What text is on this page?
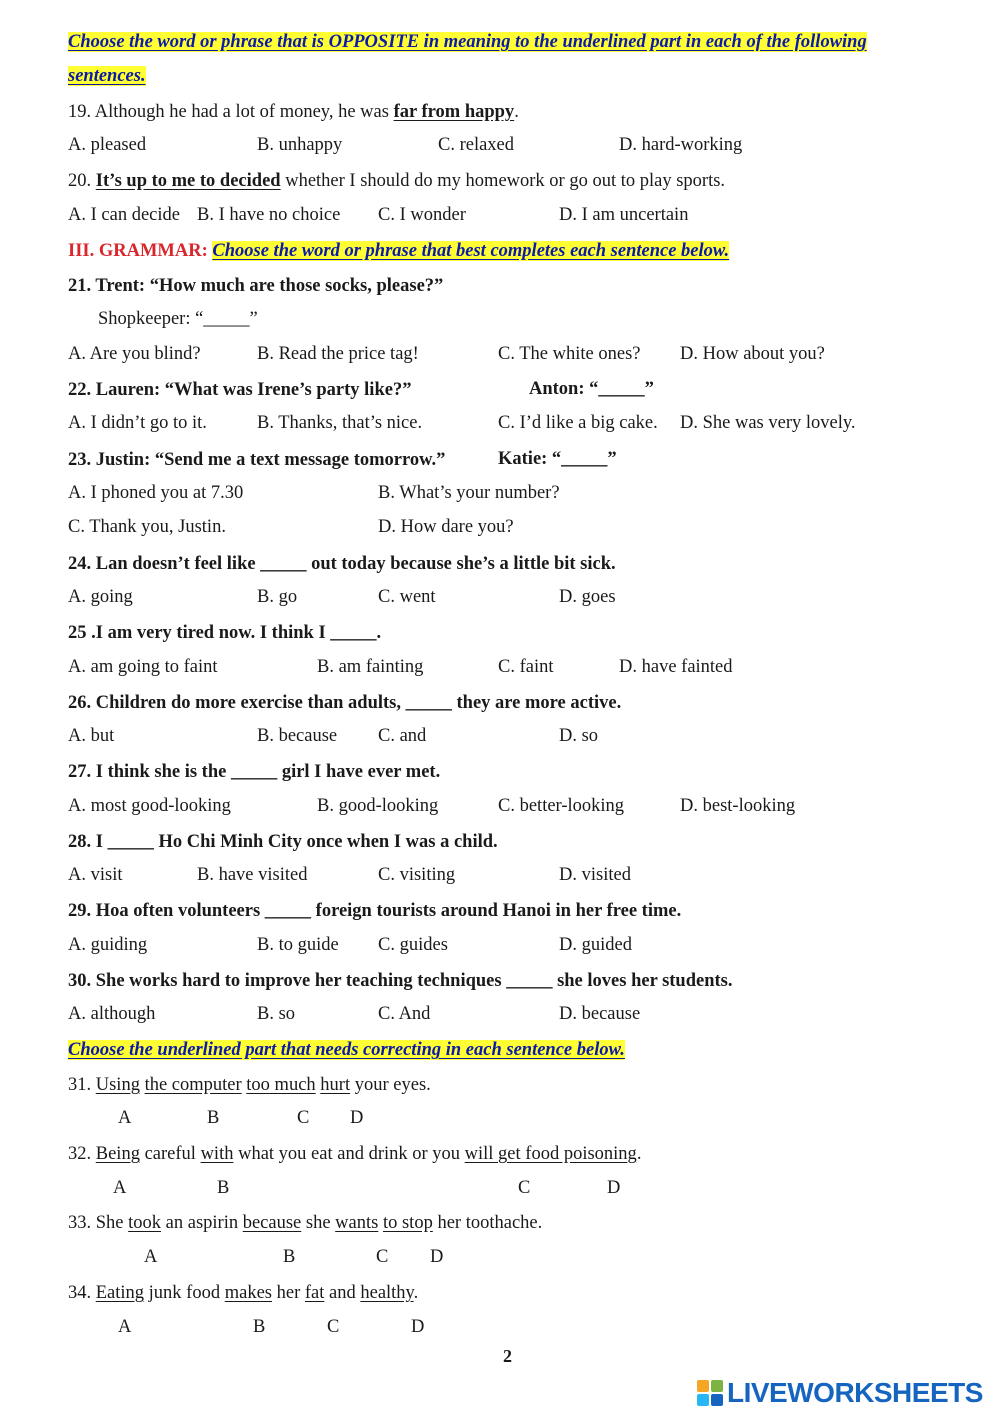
Choose the word or phrase that is OPPOSITE in meaning to the underlined part in each of the following
sentences.
19. Although he had a lot of money, he was far from happy.
A. pleased	B. unhappy	C. relaxed	D. hard-working
20. It’s up to me to decided whether I should do my homework or go out to play sports.
A. I can decide B. I have no choice C. I wonder	D. I am uncertain
III. GRAMMAR: Choose the word or phrase that best completes each sentence below.
21. Trent: “How much are those socks, please?”
Shopkeeper: “_____”
A. Are you blind?	B. Read the price tag!	C. The white ones? D. How about you?
22. Lauren: “What was Irene’s party like?”	Anton: “_____”
A. I didn’t go to it.	B. Thanks, that’s nice.	C. I’d like a big cake. D. She was very lovely.
23. Justin: “Send me a text message tomorrow.”	Katie: “_____”
A. I phoned you at 7.30	B. What’s your number?
C. Thank you, Justin.	D. How dare you?
24. Lan doesn’t feel like _____ out today because she’s a little bit sick.
A. going	B. go	C. went	D. goes
25 .I am very tired now. I think I _____.
A. am going to faint	B. am fainting	C. faint	D. have fainted
26. Children do more exercise than adults, _____ they are more active.
A. but	B. because C. and	D. so
27. I think she is the _____ girl I have ever met.
A. most good-looking	B. good-looking	C. better-looking	D. best-looking
28. I _____ Ho Chi Minh City once when I was a child.
A. visit	B. have visited	C. visiting	D. visited
29. Hoa often volunteers _____ foreign tourists around Hanoi in her free time.
A. guiding	B. to guide C. guides	D. guided
30. She works hard to improve her teaching techniques _____ she loves her students.
A. although	B. so	C. And	D. because
Choose the underlined part that needs correcting in each sentence below.
31. Using the computer too much hurt your eyes.
A	B	C D
32. Being careful with what you eat and drink or you will get food poisoning.
A	B	C	D
33. She took an aspirin because she wants to stop her toothache.
A	B	C D
34. Eating junk food makes her fat and healthy.
A	B	C	D
2
LIVEWORKSHEETS
